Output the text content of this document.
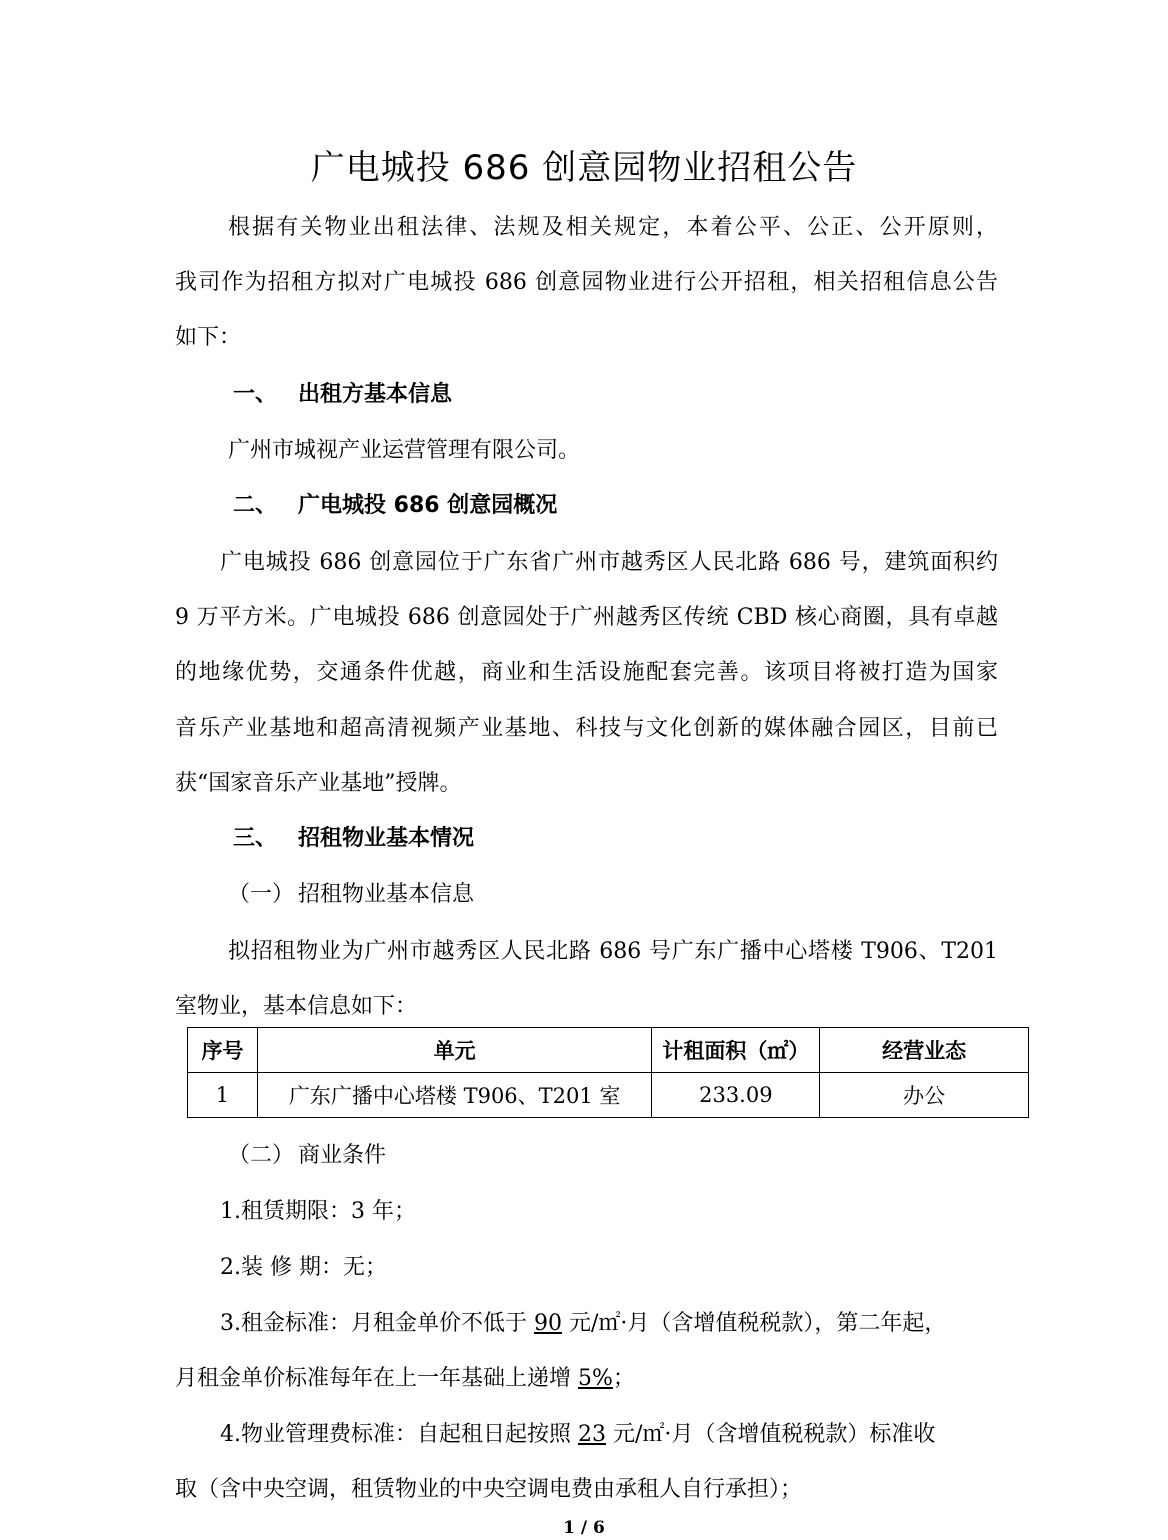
广电城投 686 创意园物业招租公告
根据有关物业出租法律、法规及相关规定，本着公平、公正、公开原则，
我司作为招租方拟对广电城投 686 创意园物业进行公开招租，相关招租信息公告
如下：
一、 出租方基本信息
广州市城视产业运营管理有限公司。
二、 广电城投 686 创意园概况
广电城投 686 创意园位于广东省广州市越秀区人民北路 686 号，建筑面积约
9 万平方米。广电城投 686 创意园处于广州越秀区传统 CBD 核心商圈，具有卓越
的地缘优势，交通条件优越，商业和生活设施配套完善。该项目将被打造为国家
音乐产业基地和超高清视频产业基地、科技与文化创新的媒体融合园区，目前已
获“国家音乐产业基地”授牌。
三、 招租物业基本情况
（一） 招租物业基本信息
拟招租物业为广州市越秀区人民北路 686 号广东广播中心塔楼 T906、T201
室物业，基本信息如下：
序号	单元	计租面积（㎡）	经营业态
1	广东广播中心塔楼 T906、T201 室	233.09	办公
（二） 商业条件
1.租赁期限：3 年；
2.装 修 期：无；
3.租金标准：月租金单价不低于 90 元/㎡·月（含增值税税款），第二年起，
月租金单价标准每年在上一年基础上递增 5%；
4.物业管理费标准：自起租日起按照 23 元/㎡·月（含增值税税款）标准收
取（含中央空调，租赁物业的中央空调电费由承租人自行承担）；
1 / 6
